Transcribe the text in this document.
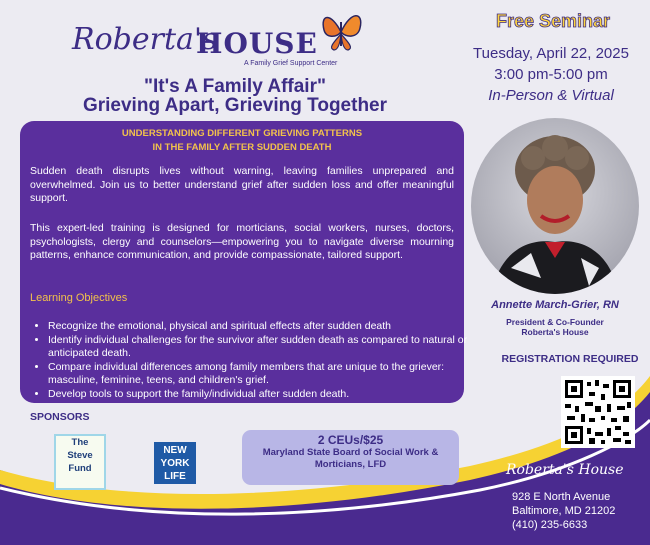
Roberta's
HOUSE
A Family Grief Support Center
"It's A Family Affair"
Grieving Apart, Grieving Together
UNDERSTANDING DIFFERENT GRIEVING PATTERNS
IN THE FAMILY AFTER SUDDEN DEATH
Sudden death disrupts lives without warning, leaving families unprepared and overwhelmed. Join us to better understand grief after sudden loss and offer meaningful support.
This expert-led training is designed for morticians, social workers, nurses, doctors, psychologists, clergy and counselors—empowering you to navigate diverse mourning patterns, enhance communication, and provide compassionate, tailored support.
Learning Objectives
• Recognize the emotional, physical and spiritual effects after sudden death
• Identify individual challenges for the survivor after sudden death as compared to natural or anticipated death.
• Compare individual differences among family members that are unique to the griever: masculine, feminine, teens, and children's grief.
• Develop tools to support the family/individual after sudden death.
Free Seminar
Tuesday, April 22, 2025
3:00 pm-5:00 pm
In-Person & Virtual
Annette March-Grier, RN
President & Co-Founder
Roberta's House
REGISTRATION REQUIRED
SPONSORS
The
Steve
Fund
NEW
YORK
LIFE
2 CEUs/$25
Maryland State Board of Social Work &
Morticians, LFD	Roberta's House
928 E North Avenue
Baltimore, MD 21202
(410) 235-6633
